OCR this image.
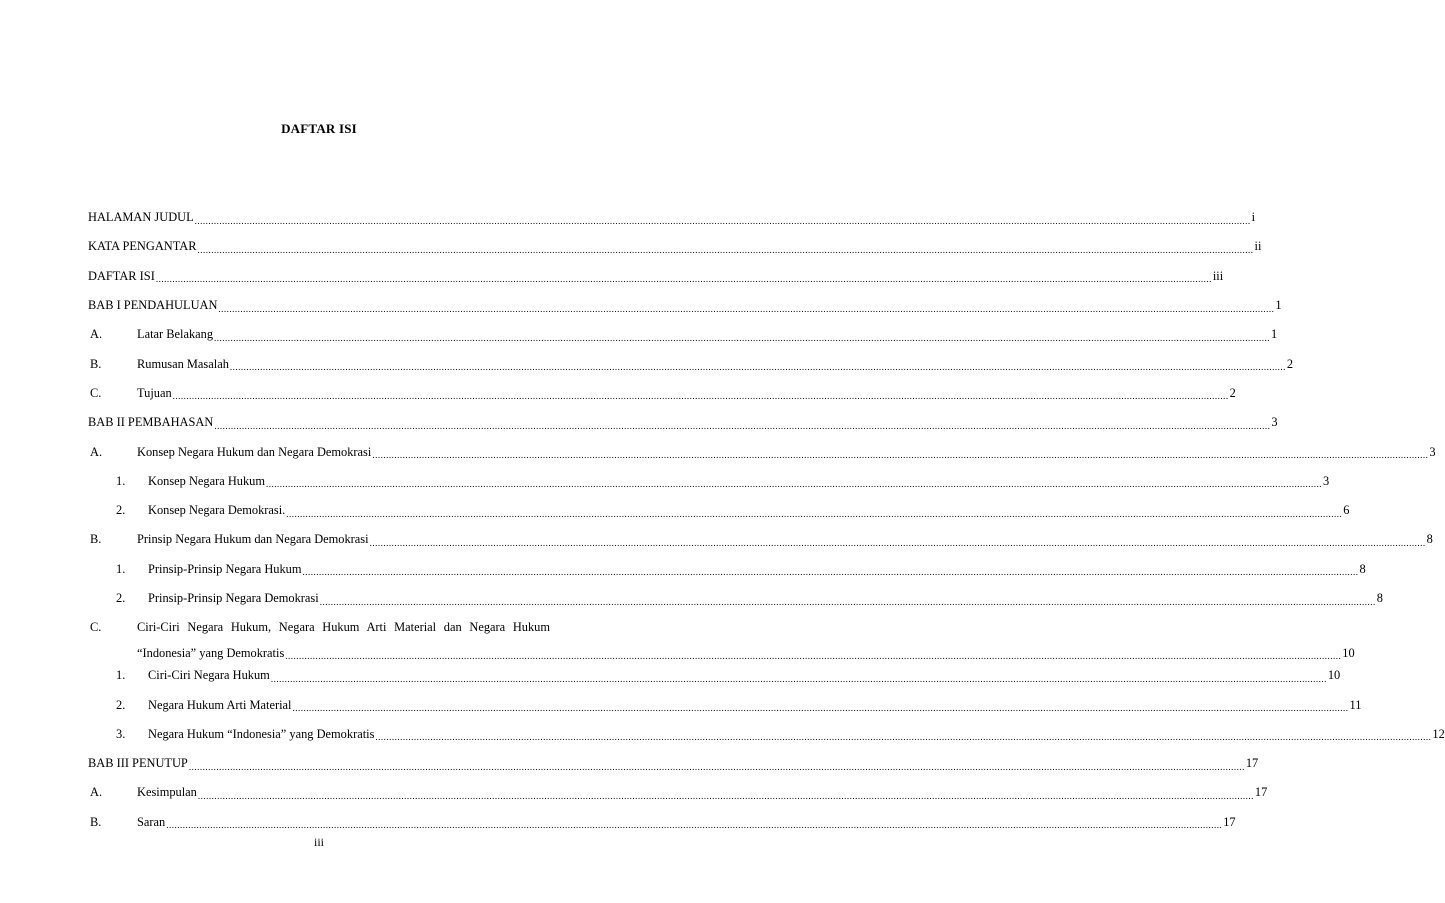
DAFTAR ISI
HALAMAN JUDUL .....	i
KATA PENGANTAR .....	ii
DAFTAR ISI .....	iii
BAB I PENDAHULUAN .....	1
A.	Latar Belakang .....	1
B.	Rumusan Masalah .....	2
C.	Tujuan .....	2
BAB II PEMBAHASAN .....	3
A.	Konsep Negara Hukum dan Negara Demokrasi .....	3
1.	Konsep Negara Hukum .....	3
2.	Konsep Negara Demokrasi. .....	6
B.	Prinsip Negara Hukum dan Negara Demokrasi .....	8
1.	Prinsip-Prinsip Negara Hukum .....	8
2.	Prinsip-Prinsip Negara Demokrasi .....	8
C.	Ciri-Ciri Negara Hukum, Negara Hukum Arti Material dan Negara Hukum
“Indonesia” yang Demokratis .....	10
1.	Ciri-Ciri Negara Hukum .....	10
2.	Negara Hukum Arti Material .....	11
3.	Negara Hukum “Indonesia” yang Demokratis .....	12
BAB III PENUTUP .....	17
A.	Kesimpulan .....	17
B.	Saran .....	17
iii
